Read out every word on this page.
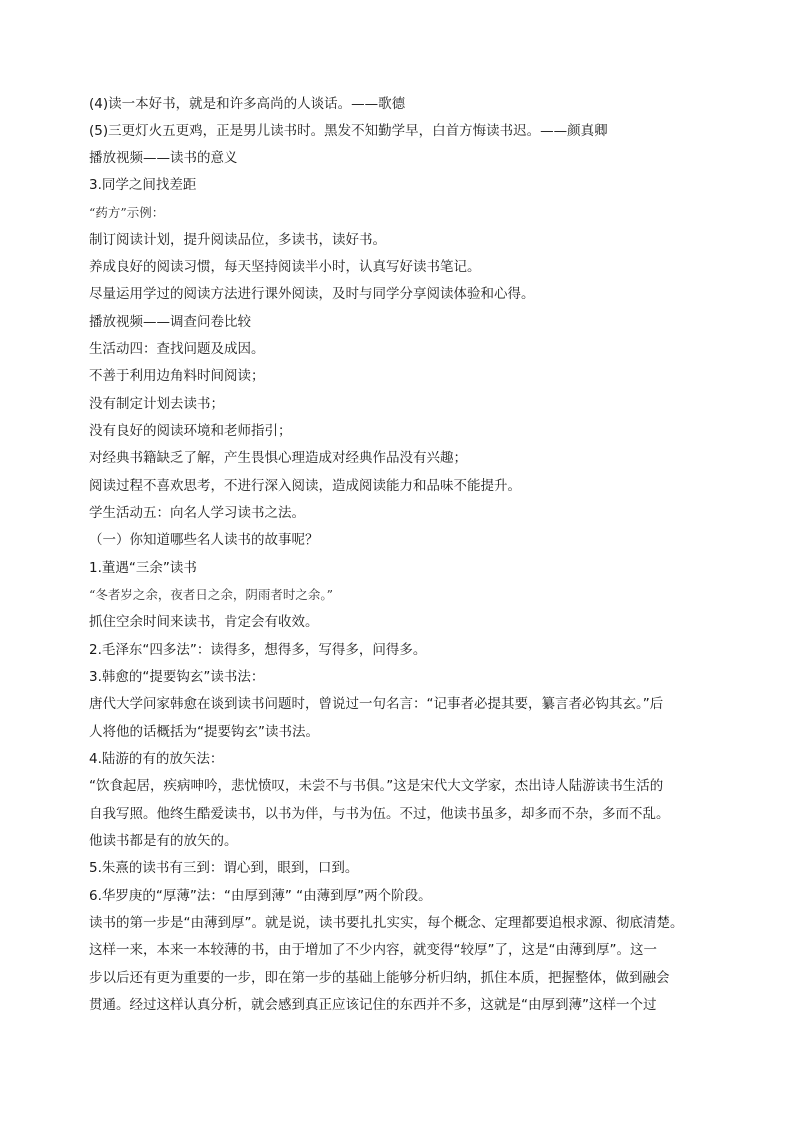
(4)读一本好书，就是和许多高尚的人谈话。——歌德
(5)三更灯火五更鸡，正是男儿读书时。黑发不知勤学早，白首方悔读书迟。——颜真卿
播放视频——读书的意义
3.同学之间找差距
“药方”示例：
制订阅读计划，提升阅读品位，多读书，读好书。
养成良好的阅读习惯，每天坚持阅读半小时，认真写好读书笔记。
尽量运用学过的阅读方法进行课外阅读，及时与同学分享阅读体验和心得。
播放视频——调查问卷比较
生活动四：查找问题及成因。
不善于利用边角料时间阅读；
没有制定计划去读书；
没有良好的阅读环境和老师指引；
对经典书籍缺乏了解，产生畏惧心理造成对经典作品没有兴趣；
阅读过程不喜欢思考，不进行深入阅读，造成阅读能力和品味不能提升。
学生活动五：向名人学习读书之法。
（一）你知道哪些名人读书的故事呢？
1.董遇“三余”读书
“冬者岁之余，夜者日之余，阴雨者时之余。”
抓住空余时间来读书，肯定会有收效。
2.毛泽东“四多法”：读得多，想得多，写得多，问得多。
3.韩愈的“提要钩玄”读书法：
唐代大学问家韩愈在谈到读书问题时，曾说过一句名言：“记事者必提其要，纂言者必钩其玄。”后
人将他的话概括为“提要钩玄”读书法。
4.陆游的有的放矢法：
“饮食起居，疾病呻吟，悲忧愤叹，未尝不与书俱。”这是宋代大文学家，杰出诗人陆游读书生活的
自我写照。他终生酷爱读书，以书为伴，与书为伍。不过，他读书虽多，却多而不杂，多而不乱。
他读书都是有的放矢的。
5.朱熹的读书有三到：谓心到，眼到，口到。
6.华罗庚的“厚薄”法：“由厚到薄” “由薄到厚”两个阶段。
读书的第一步是“由薄到厚”。就是说，读书要扎扎实实，每个概念、定理都要追根求源、彻底清楚。
这样一来，本来一本较薄的书，由于增加了不少内容，就变得“较厚”了，这是“由薄到厚”。这一
步以后还有更为重要的一步，即在第一步的基础上能够分析归纳，抓住本质，把握整体，做到融会
贯通。经过这样认真分析，就会感到真正应该记住的东西并不多，这就是“由厚到薄”这样一个过
